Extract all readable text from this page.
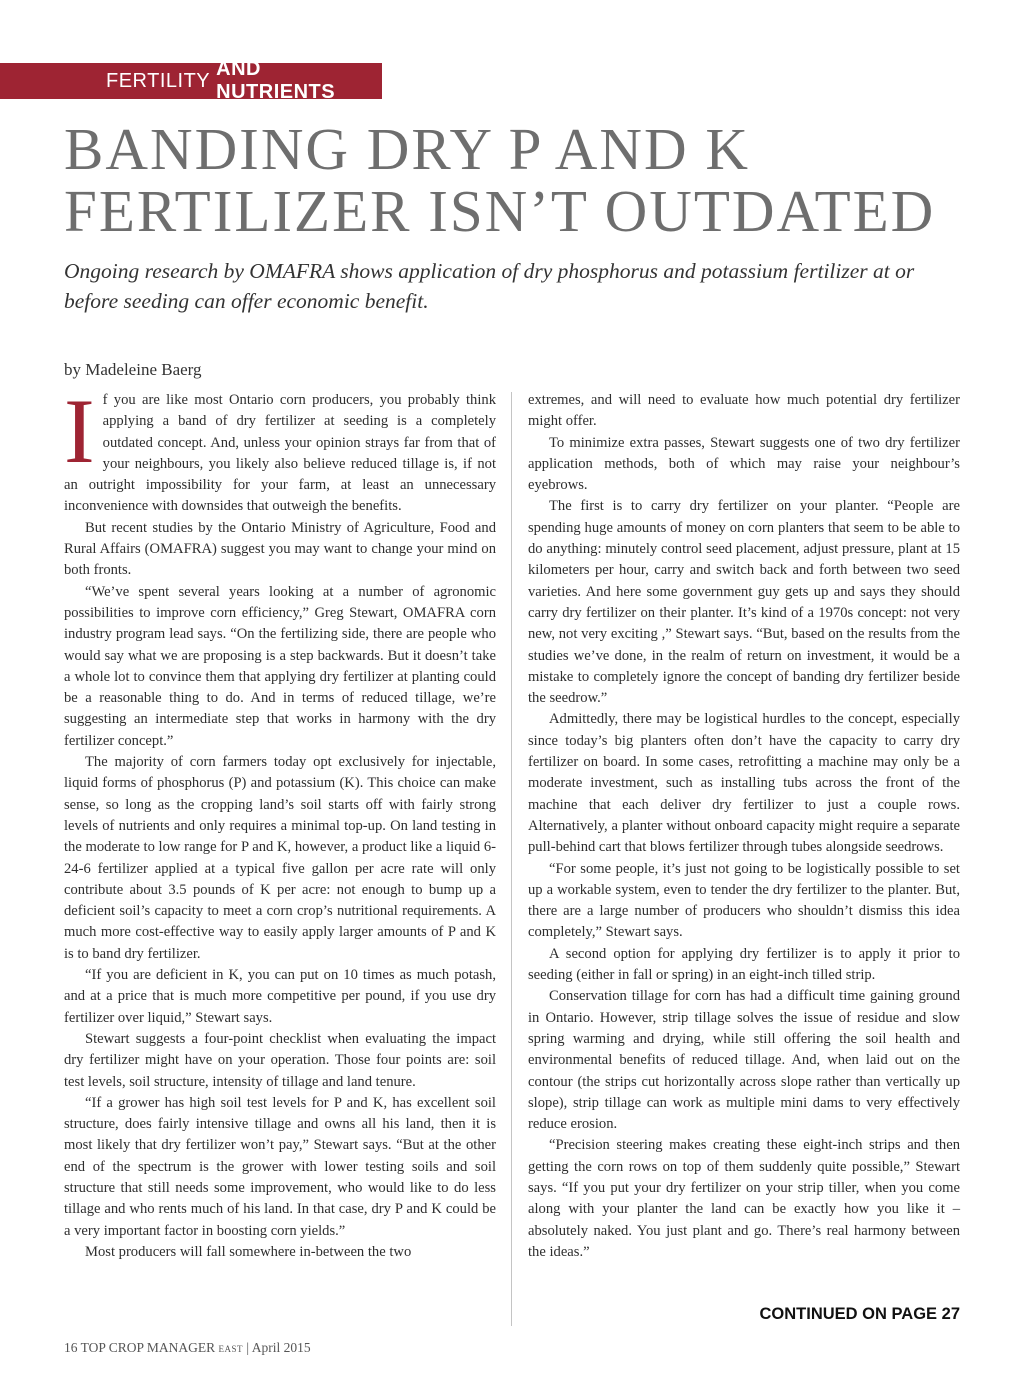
FERTILITY
AND NUTRIENTS
BANDING DRY P AND K
FERTILIZER ISN’T OUTDATED

Ongoing research by OMAFRA shows application of dry phosphorus and potassium fertilizer at or before seeding can offer economic benefit.

by Madeleine Baerg

If you are like most Ontario corn producers, you probably think applying a band of dry fertilizer at seeding is a completely outdated concept. And, unless your opinion strays far from that of your neighbours, you likely also believe reduced tillage is, if not an outright impossibility for your farm, at least an unnecessary inconvenience with downsides that outweigh the benefits.

But recent studies by the Ontario Ministry of Agriculture, Food and Rural Affairs (OMAFRA) suggest you may want to change your mind on both fronts.

“We’ve spent several years looking at a number of agronomic possibilities to improve corn efficiency,” Greg Stewart, OMAFRA corn industry program lead says. “On the fertilizing side, there are people who would say what we are proposing is a step backwards. But it doesn’t take a whole lot to convince them that applying dry fertilizer at planting could be a reasonable thing to do. And in terms of reduced tillage, we’re suggesting an intermediate step that works in harmony with the dry fertilizer concept.”

The majority of corn farmers today opt exclusively for injectable, liquid forms of phosphorus (P) and potassium (K). This choice can make sense, so long as the cropping land’s soil starts off with fairly strong levels of nutrients and only requires a minimal top-up. On land testing in the moderate to low range for P and K, however, a product like a liquid 6-24-6 fertilizer applied at a typical five gallon per acre rate will only contribute about 3.5 pounds of K per acre: not enough to bump up a deficient soil’s capacity to meet a corn crop’s nutritional requirements. A much more cost-effective way to easily apply larger amounts of P and K is to band dry fertilizer.

“If you are deficient in K, you can put on 10 times as much potash, and at a price that is much more competitive per pound, if you use dry fertilizer over liquid,” Stewart says.

Stewart suggests a four-point checklist when evaluating the impact dry fertilizer might have on your operation. Those four points are: soil test levels, soil structure, intensity of tillage and land tenure.

“If a grower has high soil test levels for P and K, has excellent soil structure, does fairly intensive tillage and owns all his land, then it is most likely that dry fertilizer won’t pay,” Stewart says. “But at the other end of the spectrum is the grower with lower testing soils and soil structure that still needs some improvement, who would like to do less tillage and who rents much of his land. In that case, dry P and K could be a very important factor in boosting corn yields.”

Most producers will fall somewhere in-between the two

extremes, and will need to evaluate how much potential dry fertilizer might offer.

To minimize extra passes, Stewart suggests one of two dry fertilizer application methods, both of which may raise your neighbour’s eyebrows.

The first is to carry dry fertilizer on your planter. “People are spending huge amounts of money on corn planters that seem to be able to do anything: minutely control seed placement, adjust pressure, plant at 15 kilometers per hour, carry and switch back and forth between two seed varieties. And here some government guy gets up and says they should carry dry fertilizer on their planter. It’s kind of a 1970s concept: not very new, not very exciting ,” Stewart says. “But, based on the results from the studies we’ve done, in the realm of return on investment, it would be a mistake to completely ignore the concept of banding dry fertilizer beside the seedrow.”

Admittedly, there may be logistical hurdles to the concept, especially since today’s big planters often don’t have the capacity to carry dry fertilizer on board. In some cases, retrofitting a machine may only be a moderate investment, such as installing tubs across the front of the machine that each deliver dry fertilizer to just a couple rows. Alternatively, a planter without onboard capacity might require a separate pull-behind cart that blows fertilizer through tubes alongside seedrows.

“For some people, it’s just not going to be logistically possible to set up a workable system, even to tender the dry fertilizer to the planter. But, there are a large number of producers who shouldn’t dismiss this idea completely,” Stewart says.

A second option for applying dry fertilizer is to apply it prior to seeding (either in fall or spring) in an eight-inch tilled strip.

Conservation tillage for corn has had a difficult time gaining ground in Ontario. However, strip tillage solves the issue of residue and slow spring warming and drying, while still offering the soil health and environmental benefits of reduced tillage. And, when laid out on the contour (the strips cut horizontally across slope rather than vertically up slope), strip tillage can work as multiple mini dams to very effectively reduce erosion.

“Precision steering makes creating these eight-inch strips and then getting the corn rows on top of them suddenly quite possible,” Stewart says. “If you put your dry fertilizer on your strip tiller, when you come along with your planter the land can be exactly how you like it – absolutely naked. You just plant and go. There’s real harmony between the ideas.”

CONTINUED ON PAGE 27
16 TOP CROP MANAGER EAST | April 2015
